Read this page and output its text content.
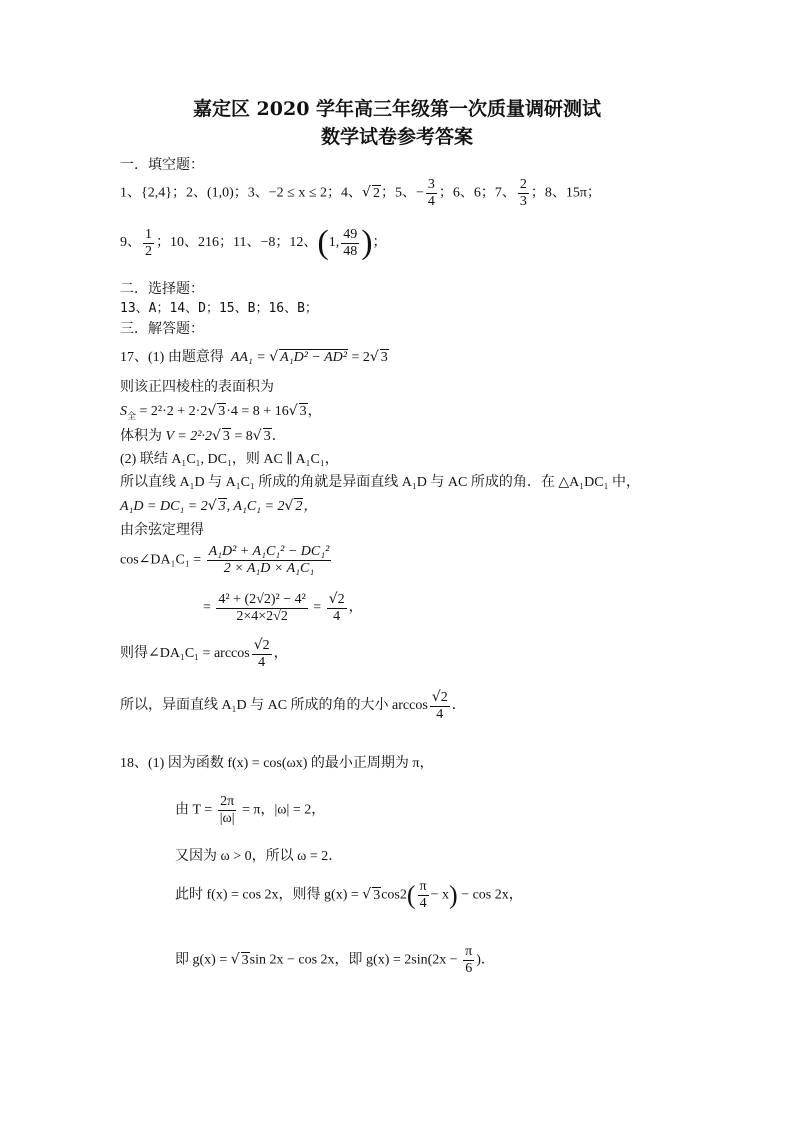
嘉定区 2020 学年高三年级第一次质量调研测试
数学试卷参考答案
一．填空题：
1、{2,4}；2、(1,0)；3、−2 ≤ x ≤ 2；4、√ 2；5、− $\frac{3}{4}$ ；6、6；7、 $\frac{2}{3}$ ；8、15π；
9、 $\frac{1}{2}$ ；10、216；11、−8；12、(1, $\frac{49}{48}$ )；
二．选择题：
13、A；14、D；15、B；16、B；
三．解答题：
17、(1) 由题意得 AA₁ = √ A₁D² − AD² = 2√ 3
则该正四棱柱的表面积为
$S_全 = 2^2\cdot 2 + 2\cdot 2√$ 3·4 = 8 + 16√ 3，
体积为 V = 2²·2√ 3 = 8√ 3．
(2) 联结 A₁C₁, DC₁，则 AC ∥ A₁C₁，
所以直线 A₁D 与 A₁C₁ 所成的角就是异面直线 A₁D 与 AC 所成的角．在 △A₁DC₁ 中，
A₁D = DC₁ = 2√ 3, A₁C₁ = 2√ 2，
由余弦定理得
cos∠DA₁C₁ = $\frac{\text{A₁D² + A₁C₁² − DC₁²}}{\text{2 × A₁D × A₁C₁}}$
= $\frac{\text{4² + (2√2)² − 4²}}{2\times 4\times 2√2} = \frac{√2}{4}$ ，
则得∠DA₁C₁ = $\arccos \frac{√2}{4}$ ，
所以，异面直线 A₁D 与 AC 所成的角的大小 $\arccos \frac{√2}{4}$ ．
18、(1) 因为函数 f(x) = cos(ωx) 的最小正周期为 π，
由 $T = \frac{2\pi}{|\omega|} = \pi$，|ω| = 2，
又因为 ω > 0，所以 ω = 2．
此时 f(x) = cos 2x，则得 g(x) = √ $3\cos 2( \frac{\pi}{4} - x) - \cos 2x$，
即 g(x) = √ 3sin 2x − cos 2x，即 $g(x) = 2\sin(2x - \frac{\pi}{6}$ )．
